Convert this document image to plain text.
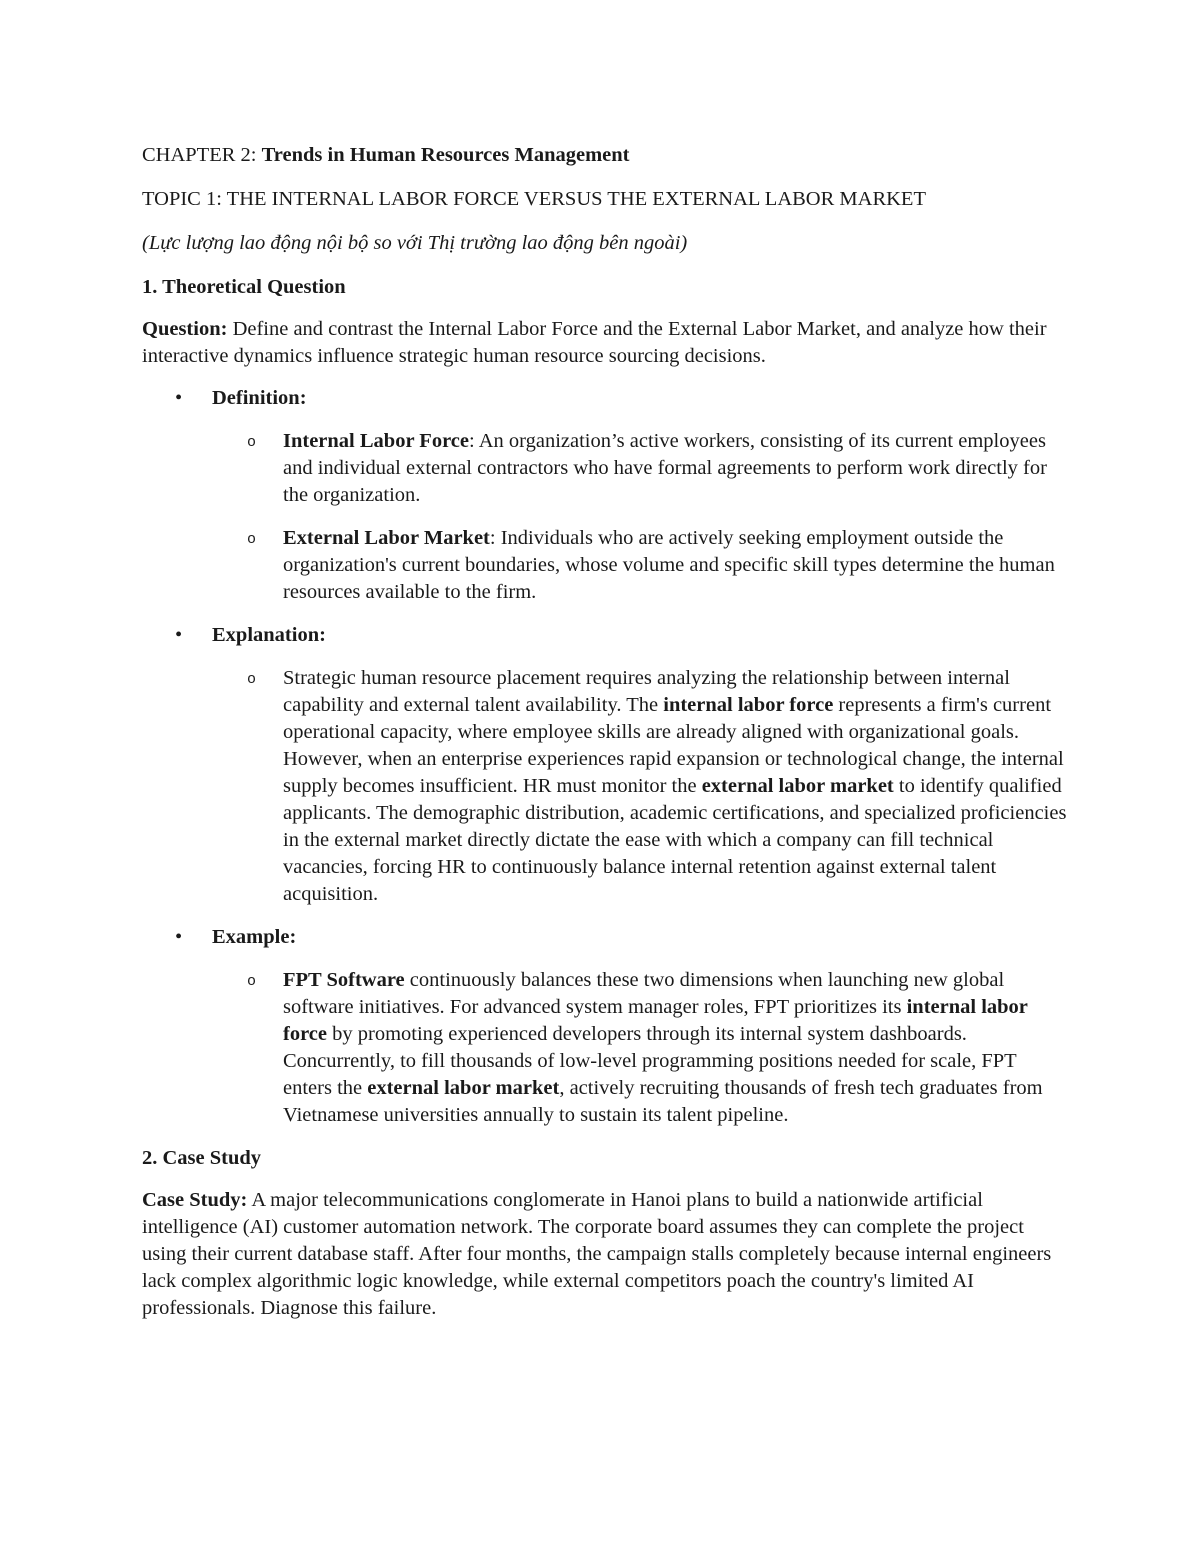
CHAPTER 2: Trends in Human Resources Management

TOPIC 1: THE INTERNAL LABOR FORCE VERSUS THE EXTERNAL LABOR MARKET

(Lực lượng lao động nội bộ so với Thị trường lao động bên ngoài)

1. Theoretical Question

Question: Define and contrast the Internal Labor Force and the External Labor Market, and analyze how their interactive dynamics influence strategic human resource sourcing decisions.

• Definition:
o Internal Labor Force: An organization’s active workers, consisting of its current employees and individual external contractors who have formal agreements to perform work directly for the organization.
o External Labor Market: Individuals who are actively seeking employment outside the organization's current boundaries, whose volume and specific skill types determine the human resources available to the firm.
• Explanation:
o Strategic human resource placement requires analyzing the relationship between internal capability and external talent availability. The internal labor force represents a firm's current operational capacity, where employee skills are already aligned with organizational goals. However, when an enterprise experiences rapid expansion or technological change, the internal supply becomes insufficient. HR must monitor the external labor market to identify qualified applicants. The demographic distribution, academic certifications, and specialized proficiencies in the external market directly dictate the ease with which a company can fill technical vacancies, forcing HR to continuously balance internal retention against external talent acquisition.
• Example:
o FPT Software continuously balances these two dimensions when launching new global software initiatives. For advanced system manager roles, FPT prioritizes its internal labor force by promoting experienced developers through its internal system dashboards. Concurrently, to fill thousands of low-level programming positions needed for scale, FPT enters the external labor market, actively recruiting thousands of fresh tech graduates from Vietnamese universities annually to sustain its talent pipeline.

2. Case Study

Case Study: A major telecommunications conglomerate in Hanoi plans to build a nationwide artificial intelligence (AI) customer automation network. The corporate board assumes they can complete the project using their current database staff. After four months, the campaign stalls completely because internal engineers lack complex algorithmic logic knowledge, while external competitors poach the country's limited AI professionals. Diagnose this failure.
